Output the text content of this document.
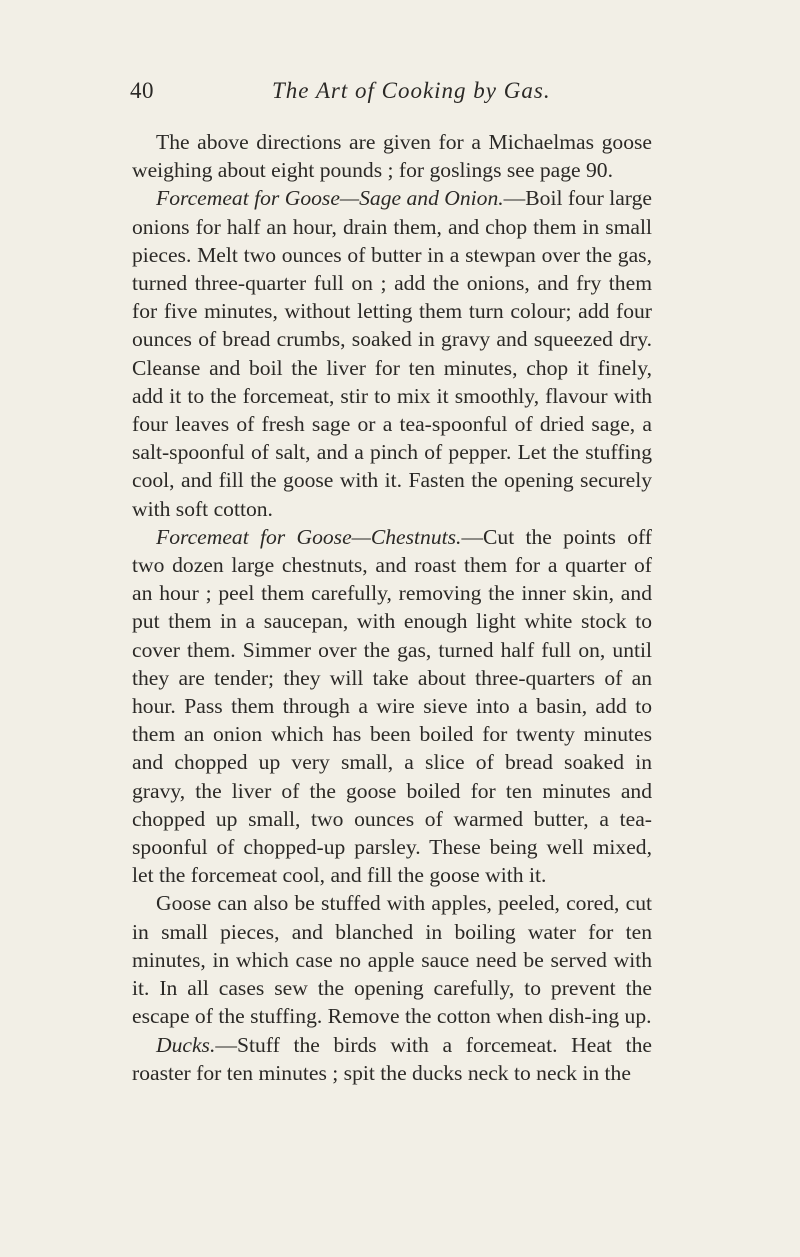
40	The Art of Cooking by Gas.

The above directions are given for a Michaelmas goose weighing about eight pounds ; for goslings see page 90.

Forcemeat for Goose—Sage and Onion.—Boil four large onions for half an hour, drain them, and chop them in small pieces. Melt two ounces of butter in a stewpan over the gas, turned three-quarter full on ; add the onions, and fry them for five minutes, without letting them turn colour; add four ounces of bread crumbs, soaked in gravy and squeezed dry. Cleanse and boil the liver for ten minutes, chop it finely, add it to the forcemeat, stir to mix it smoothly, flavour with four leaves of fresh sage or a tea-spoonful of dried sage, a salt-spoonful of salt, and a pinch of pepper. Let the stuffing cool, and fill the goose with it. Fasten the opening securely with soft cotton.

Forcemeat for Goose—Chestnuts.—Cut the points off two dozen large chestnuts, and roast them for a quarter of an hour ; peel them carefully, removing the inner skin, and put them in a saucepan, with enough light white stock to cover them. Simmer over the gas, turned half full on, until they are tender; they will take about three-quarters of an hour. Pass them through a wire sieve into a basin, add to them an onion which has been boiled for twenty minutes and chopped up very small, a slice of bread soaked in gravy, the liver of the goose boiled for ten minutes and chopped up small, two ounces of warmed butter, a tea-spoonful of chopped-up parsley. These being well mixed, let the forcemeat cool, and fill the goose with it.

Goose can also be stuffed with apples, peeled, cored, cut in small pieces, and blanched in boiling water for ten minutes, in which case no apple sauce need be served with it. In all cases sew the opening carefully, to prevent the escape of the stuffing. Remove the cotton when dish-ing up.

Ducks.—Stuff the birds with a forcemeat. Heat the roaster for ten minutes ; spit the ducks neck to neck in the
